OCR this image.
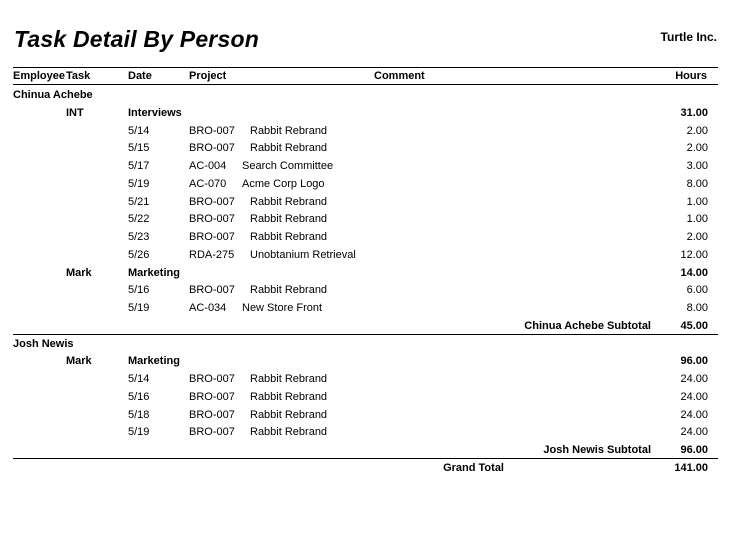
Task Detail By Person	Turtle Inc.
Employee Task	Date	Project	Comment	Hours
Chinua Achebe
INT	Interviews	31.00
5/14	BRO-007 Rabbit Rebrand	2.00
5/15	BRO-007 Rabbit Rebrand	2.00
5/17	AC-004 Search Committee	3.00
5/19	AC-070 Acme Corp Logo	8.00
5/21	BRO-007 Rabbit Rebrand	1.00
5/22	BRO-007 Rabbit Rebrand	1.00
5/23	BRO-007 Rabbit Rebrand	2.00
5/26	RDA-275 Unobtanium Retrieval	12.00
Mark	Marketing	14.00
5/16	BRO-007 Rabbit Rebrand	6.00
5/19	AC-034 New Store Front	8.00
Chinua Achebe Subtotal	45.00
Josh Newis
Mark	Marketing	96.00
5/14	BRO-007 Rabbit Rebrand	24.00
5/16	BRO-007 Rabbit Rebrand	24.00
5/18	BRO-007 Rabbit Rebrand	24.00
5/19	BRO-007 Rabbit Rebrand	24.00
Josh Newis Subtotal	96.00
Grand Total	141.00
